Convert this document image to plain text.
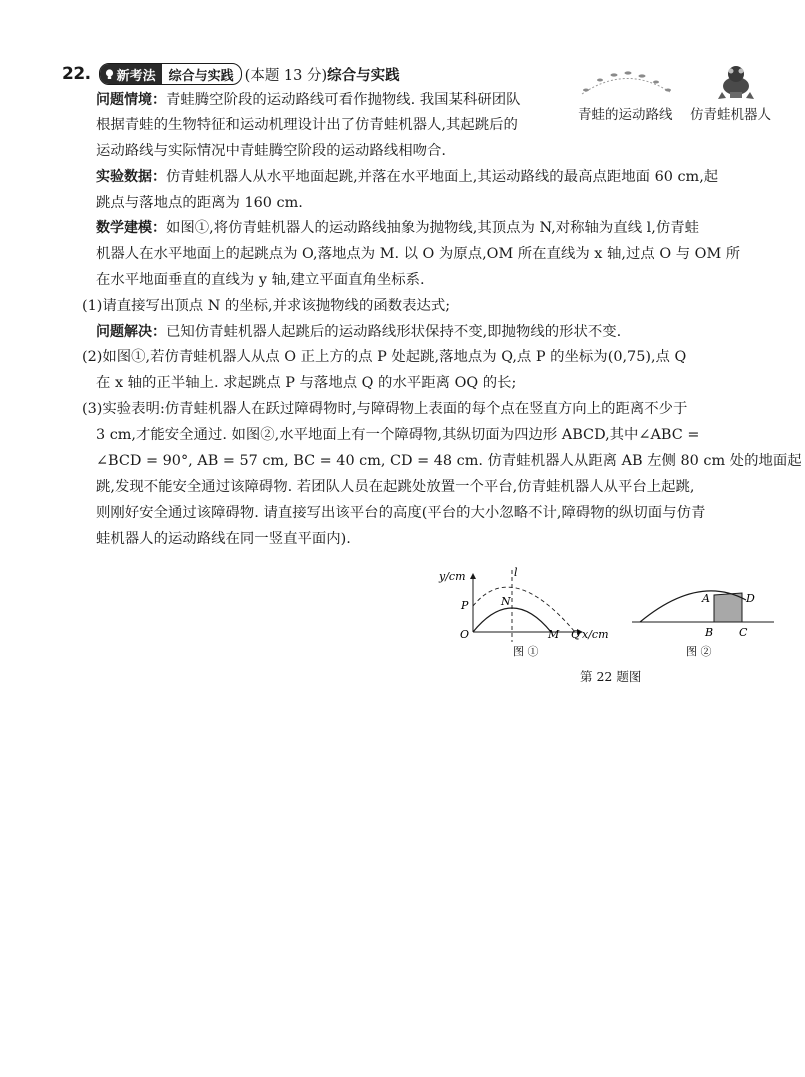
22. 新考法	综合与实践 (本题 13 分) 综合与实践
青蛙的运动路线 仿青蛙机器人
问题情境：青蛙腾空阶段的运动路线可看作抛物线. 我国某科研团队
根据青蛙的生物特征和运动机理设计出了仿青蛙机器人,其起跳后的
运动路线与实际情况中青蛙腾空阶段的运动路线相吻合.
实验数据：仿青蛙机器人从水平地面起跳,并落在水平地面上,其运动路线的最高点距地面 60 cm,起
跳点与落地点的距离为 160 cm.
数学建模：如图①,将仿青蛙机器人的运动路线抽象为抛物线,其顶点为 N,对称轴为直线 l,仿青蛙
机器人在水平地面上的起跳点为 O,落地点为 M. 以 O 为原点,OM 所在直线为 x 轴,过点 O 与 OM 所
在水平地面垂直的直线为 y 轴,建立平面直角坐标系.
(1)请直接写出顶点 N 的坐标,并求该抛物线的函数表达式;
问题解决：已知仿青蛙机器人起跳后的运动路线形状保持不变,即抛物线的形状不变.
(2)如图①,若仿青蛙机器人从点 O 正上方的点 P 处起跳,落地点为 Q,点 P 的坐标为(0,75),点 Q
在 x 轴的正半轴上. 求起跳点 P 与落地点 Q 的水平距离 OQ 的长;
(3)实验表明:仿青蛙机器人在跃过障碍物时,与障碍物上表面的每个点在竖直方向上的距离不少于
3 cm,才能安全通过. 如图②,水平地面上有一个障碍物,其纵切面为四边形 ABCD,其中∠ABC =
∠BCD = 90°, AB = 57 cm, BC = 40 cm, CD = 48 cm. 仿青蛙机器人从距离 AB 左侧 80 cm 处的地面起
跳,发现不能安全通过该障碍物. 若团队人员在起跳处放置一个平台,仿青蛙机器人从平台上起跳,
则刚好安全通过该障碍物. 请直接写出该平台的高度(平台的大小忽略不计,障碍物的纵切面与仿青
蛙机器人的运动路线在同一竖直平面内).
y/cm
x/cm
O
P	N
M Q
l
图 ①
A	D
B C
图 ②
第 22 题图
